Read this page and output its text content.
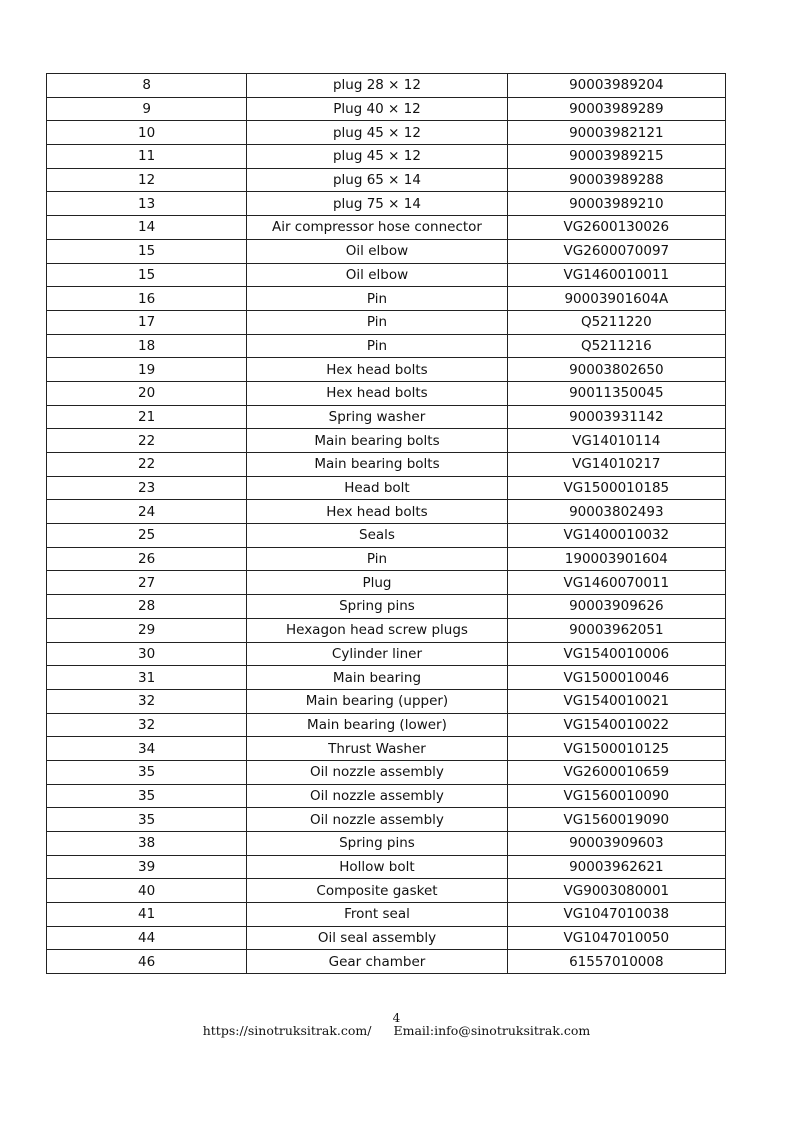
8	plug 28 × 12	90003989204
9	Plug 40 × 12	90003989289
10	plug 45 × 12	90003982121
11	plug 45 × 12	90003989215
12	plug 65 × 14	90003989288
13	plug 75 × 14	90003989210
14	Air compressor hose connector	VG2600130026
15	Oil elbow	VG2600070097
15	Oil elbow	VG1460010011
16	Pin	90003901604A
17	Pin	Q5211220
18	Pin	Q5211216
19	Hex head bolts	90003802650
20	Hex head bolts	90011350045
21	Spring washer	90003931142
22	Main bearing bolts	VG14010114
22	Main bearing bolts	VG14010217
23	Head bolt	VG1500010185
24	Hex head bolts	90003802493
25	Seals	VG1400010032
26	Pin	190003901604
27	Plug	VG1460070011
28	Spring pins	90003909626
29	Hexagon head screw plugs	90003962051
30	Cylinder liner	VG1540010006
31	Main bearing	VG1500010046
32	Main bearing (upper)	VG1540010021
32	Main bearing (lower)	VG1540010022
34	Thrust Washer	VG1500010125
35	Oil nozzle assembly	VG2600010659
35	Oil nozzle assembly	VG1560010090
35	Oil nozzle assembly	VG1560019090
38	Spring pins	90003909603
39	Hollow bolt	90003962621
40	Composite gasket	VG9003080001
41	Front seal	VG1047010038
44	Oil seal assembly	VG1047010050
46	Gear chamber	61557010008
4
https://sinotruksitrak.com/ Email:info@sinotruksitrak.com
